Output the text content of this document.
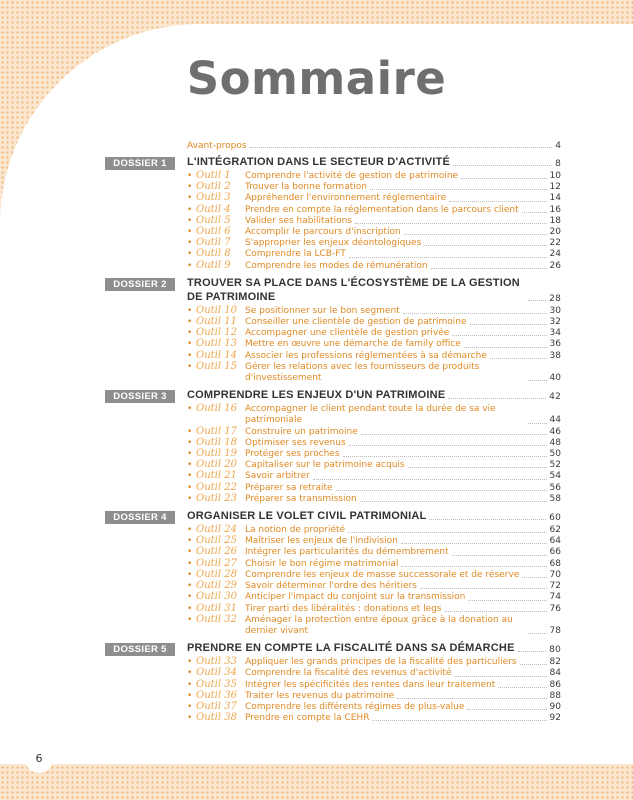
Sommaire
Avant-propos	4
DOSSIER 1	L'INTÉGRATION DANS LE SECTEUR D'ACTIVITÉ	8
• Outil 1 Comprendre l'activité de gestion de patrimoine	10
• Outil 2 Trouver la bonne formation	12
• Outil 3 Appréhender l'environnement réglementaire	14
• Outil 4 Prendre en compte la réglementation dans le parcours client	16
• Outil 5 Valider ses habilitations	18
• Outil 6 Accomplir le parcours d'inscription	20
• Outil 7 S'approprier les enjeux déontologiques	22
• Outil 8 Comprendre la LCB-FT	24
• Outil 9 Comprendre les modes de rémunération	26
DOSSIER 2	TROUVER SA PLACE DANS L'ÉCOSYSTÈME DE LA GESTION DE PATRIMOINE	28
• Outil 10 Se positionner sur le bon segment	30
• Outil 11 Conseiller une clientèle de gestion de patrimoine	32
• Outil 12 Accompagner une clientèle de gestion privée	34
• Outil 13 Mettre en œuvre une démarche de family office	36
• Outil 14 Associer les professions réglementées à sa démarche	38
• Outil 15 Gérer les relations avec les fournisseurs de produits d'investissement	40
DOSSIER 3	COMPRENDRE LES ENJEUX D'UN PATRIMOINE	42
• Outil 16 Accompagner le client pendant toute la durée de sa vie patrimoniale	44
• Outil 17 Construire un patrimoine	46
• Outil 18 Optimiser ses revenus	48
• Outil 19 Protéger ses proches	50
• Outil 20 Capitaliser sur le patrimoine acquis	52
• Outil 21 Savoir arbitrer	54
• Outil 22 Préparer sa retraite	56
• Outil 23 Préparer sa transmission	58
DOSSIER 4	ORGANISER LE VOLET CIVIL PATRIMONIAL	60
• Outil 24 La notion de propriété	62
• Outil 25 Maîtriser les enjeux de l'indivision	64
• Outil 26 Intégrer les particularités du démembrement	66
• Outil 27 Choisir le bon régime matrimonial	68
• Outil 28 Comprendre les enjeux de masse successorale et de réserve	70
• Outil 29 Savoir déterminer l'ordre des héritiers	72
• Outil 30 Anticiper l'impact du conjoint sur la transmission	74
• Outil 31 Tirer parti des libéralités : donations et legs	76
• Outil 32 Aménager la protection entre époux grâce à la donation au dernier vivant	78
DOSSIER 5	PRENDRE EN COMPTE LA FISCALITÉ DANS SA DÉMARCHE	80
• Outil 33 Appliquer les grands principes de la fiscalité des particuliers	82
• Outil 34 Comprendre la fiscalité des revenus d'activité	84
• Outil 35 Intégrer les spécificités des rentes dans leur traitement	86
• Outil 36 Traiter les revenus du patrimoine	88
• Outil 37 Comprendre les différents régimes de plus-value	90
• Outil 38 Prendre en compte la CEHR	92
6
